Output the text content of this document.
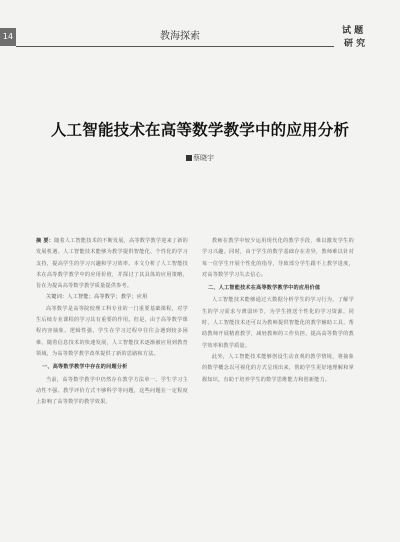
14	教海探索	试 题
研 究
人工智能技术在高等数学教学中的应用分析
蔡晓宇

摘 要：随着人工智能技术的不断发展，高等数学教学迎来了新的发展机遇。人工智能技术能够为教学提供智能化、个性化的学习支持，提高学生的学习兴趣和学习效率。本文分析了人工智能技术在高等数学教学中的应用价值，并探讨了其具体的应用策略，旨在为提高高等数学教学质量提供参考。

关键词：人工智能；高等数学；教学；应用

高等数学是高等院校理工科专业的一门重要基础课程，对学生后续专业课程的学习具有重要的作用。但是，由于高等数学课程内容抽象、逻辑性强，学生在学习过程中往往会遇到较多困难。随着信息技术的快速发展，人工智能技术逐渐被应用到教育领域，为高等数学教学改革提供了新的思路和方法。

一、高等数学教学中存在的问题分析

当前，高等数学教学中仍然存在教学方法单一、学生学习主动性不强、教学评价方式不够科学等问题，这些问题在一定程度上影响了高等数学的教学效果。

教师在教学中较少运用现代化的教学手段，难以激发学生的学习兴趣。同时，由于学生的数学基础存在差异，教师难以针对每一位学生开展个性化的指导，导致部分学生跟不上教学进度，对高等数学学习失去信心。

二、人工智能技术在高等数学教学中的应用价值

人工智能技术能够通过大数据分析学生的学习行为，了解学生的学习需求与薄弱环节，为学生推送个性化的学习资源。同时，人工智能技术还可以为教师提供智能化的教学辅助工具，帮助教师开展精准教学，减轻教师的工作负担，提高高等数学的教学效率和教学质量。

此外，人工智能技术能够创设生动直观的教学情境，将抽象的数学概念以可视化的方式呈现出来，帮助学生更好地理解和掌握知识，有助于培养学生的数学思维能力和创新能力。
